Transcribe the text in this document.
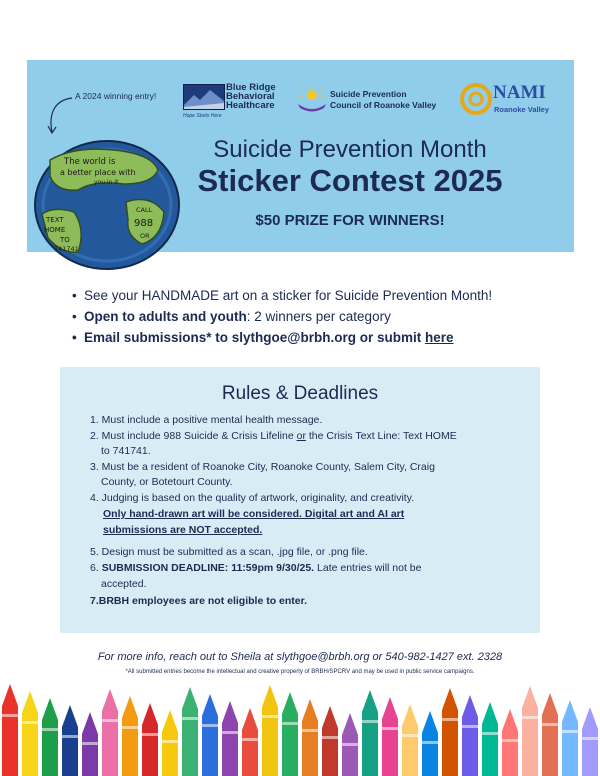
A 2024 winning entry!
Blue Ridge
Behavioral
Healthcare
Hope Starts Here
Suicide Prevention
Council of Roanoke Valley
NAMI
Roanoke Valley
The world is
a better place with
you in it
TEXT
HOME
TO
741741
CALL
988
OR
Suicide Prevention Month
Sticker Contest 2025
$50 PRIZE FOR WINNERS!
• See your HANDMADE art on a sticker for Suicide Prevention Month!
• Open to adults and youth: 2 winners per category
• Email submissions* to slythgoe@brbh.org or submit here
Rules & Deadlines
1. Must include a positive mental health message.
2. Must include 988 Suicide & Crisis Lifeline or the Crisis Text Line: Text HOME
to 741741.
3. Must be a resident of Roanoke City, Roanoke County, Salem City, Craig
County, or Botetourt County.
4. Judging is based on the quality of artwork, originality, and creativity.
Only hand-drawn art will be considered. Digital art and AI art
submissions are NOT accepted.
5. Design must be submitted as a scan, .jpg file, or .png file.
6. SUBMISSION DEADLINE: 11:59pm 9/30/25. Late entries will not be
accepted.
7.BRBH employees are not eligible to enter.
For more info, reach out to Sheila at slythgoe@brbh.org or 540-982-1427 ext. 2328
*All submitted entries become the intellectual and creative property of BRBH/SPCRV and may be used in public service campaigns.
